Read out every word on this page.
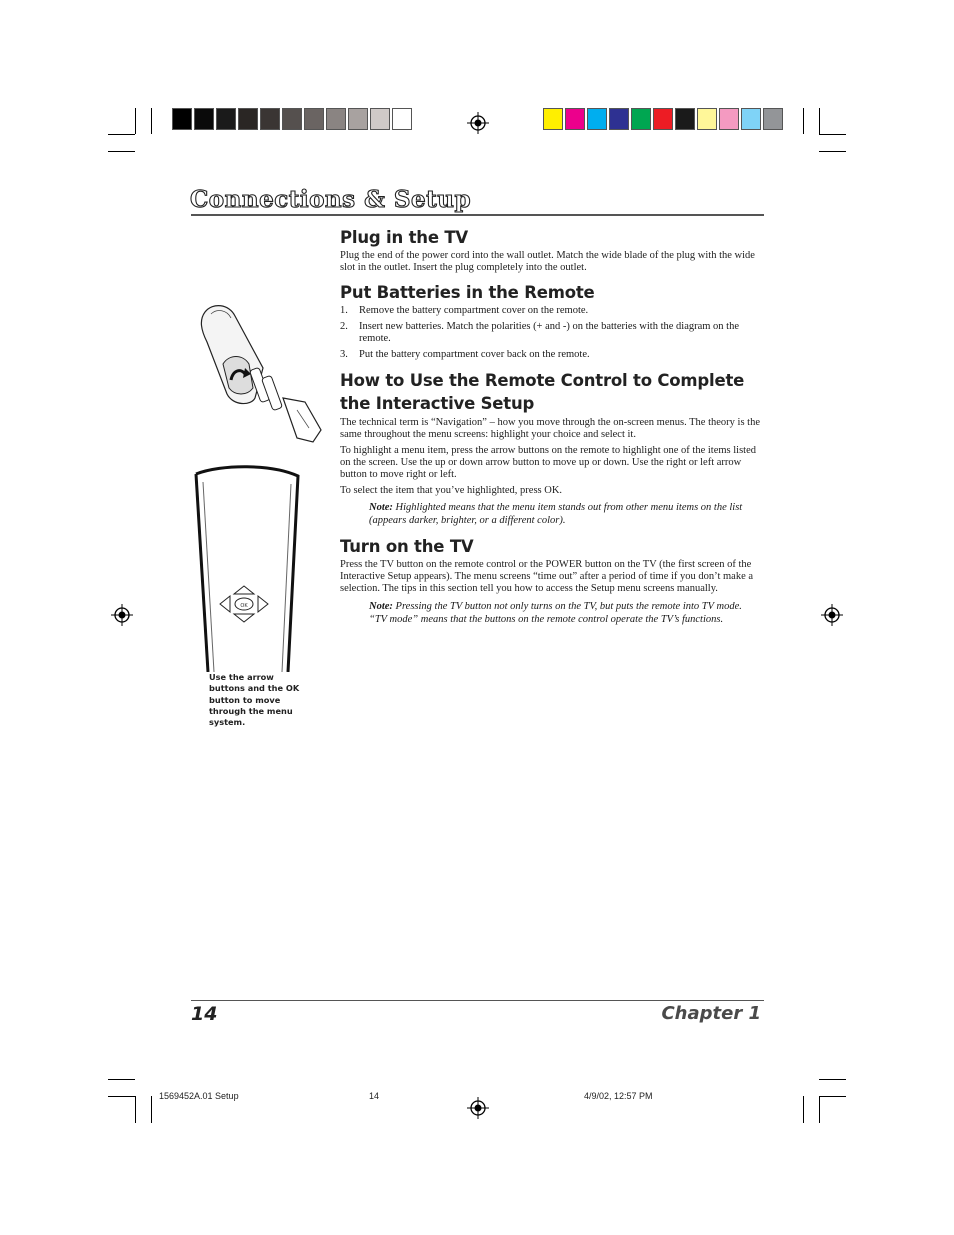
Connections & Setup
OK
Use the arrow buttons and the OK button to move through the menu system.
Plug in the TV

Plug the end of the power cord into the wall outlet. Match the wide blade of the plug with the wide slot in the outlet. Insert the plug completely into the outlet.

Put Batteries in the Remote
1. Remove the battery compartment cover on the remote.
2. Insert new batteries. Match the polarities (+ and -) on the batteries with the diagram on the remote.
3. Put the battery compartment cover back on the remote.
How to Use the Remote Control to Complete the Interactive Setup

The technical term is “Navigation” – how you move through the on-screen menus. The theory is the same throughout the menu screens: highlight your choice and select it.

To highlight a menu item, press the arrow buttons on the remote to highlight one of the items listed on the screen. Use the up or down arrow button to move up or down. Use the right or left arrow button to move right or left.

To select the item that you’ve highlighted, press OK.

Note: Highlighted means that the menu item stands out from other menu items on the list (appears darker, brighter, or a different color).
Turn on the TV

Press the TV button on the remote control or the POWER button on the TV (the first screen of the Interactive Setup appears). The menu screens “time out” after a period of time if you don’t make a selection. The tips in this section tell you how to access the Setup menu screens manually.

Note: Pressing the TV button not only turns on the TV, but puts the remote into TV mode. “TV mode” means that the buttons on the remote control operate the TV’s functions.
14	Chapter 1
1569452A.01 Setup	14	4/9/02, 12:57 PM
